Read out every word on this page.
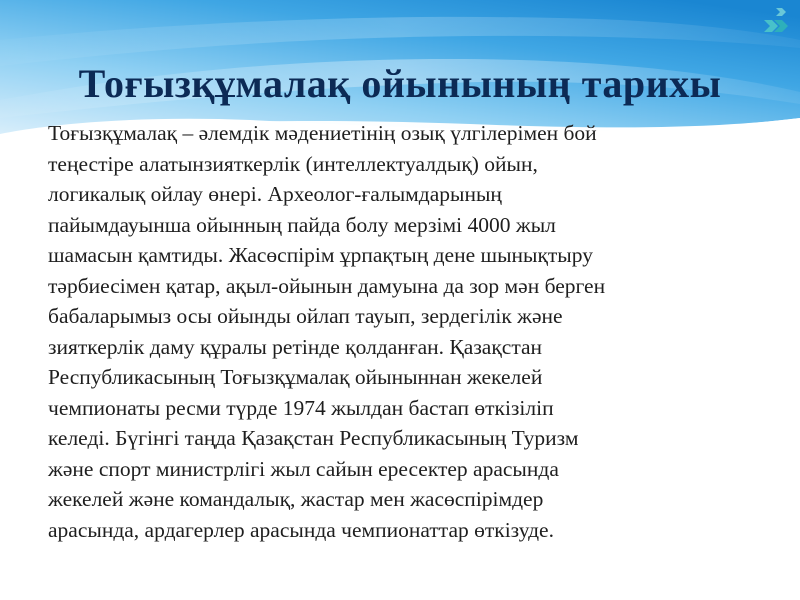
Тоғызқұмалақ ойынының тарихы
Тоғызқұмалақ – әлемдік мәдениетінің озық үлгілерімен бой
теңестіре алатынзияткерлік (интеллектуалдық) ойын,
логикалық ойлау өнері. Археолог-ғалымдарының
пайымдауынша ойынның пайда болу мерзімі 4000 жыл
шамасын қамтиды. Жасөспірім ұрпақтың дене шынықтыру
тәрбиесімен қатар, ақыл-ойынын дамуына да зор мән берген
бабаларымыз осы ойынды ойлап тауып, зердегілік және
зияткерлік даму құралы ретінде қолданған. Қазақстан
Республикасының Тоғызқұмалақ ойыныннан жекелей
чемпионаты ресми түрде 1974 жылдан бастап өткізіліп
келеді. Бүгінгі таңда Қазақстан Республикасының Туризм
және спорт министрлігі жыл сайын ересектер арасында
жекелей және командалық, жастар мен жасөспірімдер
арасында, ардагерлер арасында чемпионаттар өткізуде.
